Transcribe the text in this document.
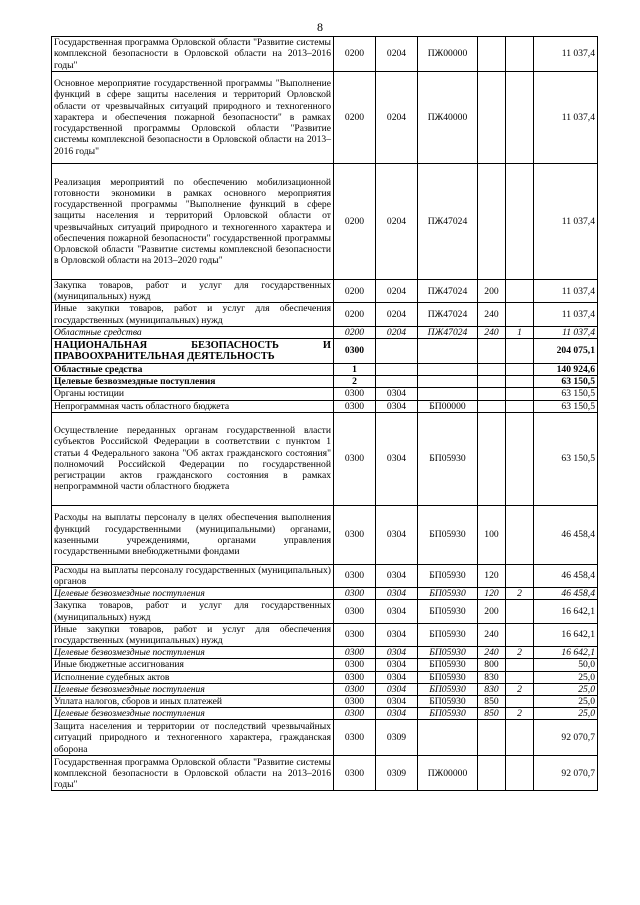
8
Государственная программа Орловской области "Развитие системы комплексной безопасности в Орловской области на 2013–2016 годы"	0200	0204	ПЖ00000			11 037,4
Основное мероприятие государственной программы "Выполнение функций в сфере защиты населения и территорий Орловской области от чрезвычайных ситуаций природного и техногенного характера и обеспечения пожарной безопасности" в рамках государственной программы Орловской области "Развитие системы комплексной безопасности в Орловской области на 2013–2016 годы"	0200	0204	ПЖ40000			11 037,4
Реализация мероприятий по обеспечению мобилизационной готовности экономики в рамках основного мероприятия государственной программы "Выполнение функций в сфере защиты населения и территорий Орловской области от чрезвычайных ситуаций природного и техногенного характера и обеспечения пожарной безопасности" государственной программы Орловской области "Развитие системы комплексной безопасности в Орловской области на 2013–2020 годы"	0200	0204	ПЖ47024			11 037,4
Закупка товаров, работ и услуг для государственных (муниципальных) нужд	0200	0204	ПЖ47024	200		11 037,4
Иные закупки товаров, работ и услуг для обеспечения государственных (муниципальных) нужд	0200	0204	ПЖ47024	240		11 037,4
Областные средства	0200	0204	ПЖ47024	240	1	11 037,4
НАЦИОНАЛЬНАЯ БЕЗОПАСНОСТЬ И ПРАВООХРАНИТЕЛЬНАЯ ДЕЯТЕЛЬНОСТЬ	0300					204 075,1
Областные средства	1					140 924,6
Целевые безвозмездные поступления	2					63 150,5
Органы юстиции	0300	0304				63 150,5
Непрограммная часть областного бюджета	0300	0304	БП00000			63 150,5
Осуществление переданных органам государственной власти субъектов Российской Федерации в соответствии с пунктом 1 статьи 4 Федерального закона "Об актах гражданского состояния" полномочий Российской Федерации по государственной регистрации актов гражданского состояния в рамках непрограммной части областного бюджета	0300	0304	БП05930			63 150,5
Расходы на выплаты персоналу в целях обеспечения выполнения функций государственными (муниципальными) органами, казенными учреждениями, органами управления государственными внебюджетными фондами	0300	0304	БП05930	100		46 458,4
Расходы на выплаты персоналу государственных (муниципальных) органов	0300	0304	БП05930	120		46 458,4
Целевые безвозмездные поступления	0300	0304	БП05930	120	2	46 458,4
Закупка товаров, работ и услуг для государственных (муниципальных) нужд	0300	0304	БП05930	200		16 642,1
Иные закупки товаров, работ и услуг для обеспечения государственных (муниципальных) нужд	0300	0304	БП05930	240		16 642,1
Целевые безвозмездные поступления	0300	0304	БП05930	240	2	16 642,1
Иные бюджетные ассигнования	0300	0304	БП05930	800		50,0
Исполнение судебных актов	0300	0304	БП05930	830		25,0
Целевые безвозмездные поступления	0300	0304	БП05930	830	2	25,0
Уплата налогов, сборов и иных платежей	0300	0304	БП05930	850		25,0
Целевые безвозмездные поступления	0300	0304	БП05930	850	2	25,0
Защита населения и территории от последствий чрезвычайных ситуаций природного и техногенного характера, гражданская оборона	0300	0309				92 070,7
Государственная программа Орловской области "Развитие системы комплексной безопасности в Орловской области на 2013–2016 годы"	0300	0309	ПЖ00000			92 070,7
